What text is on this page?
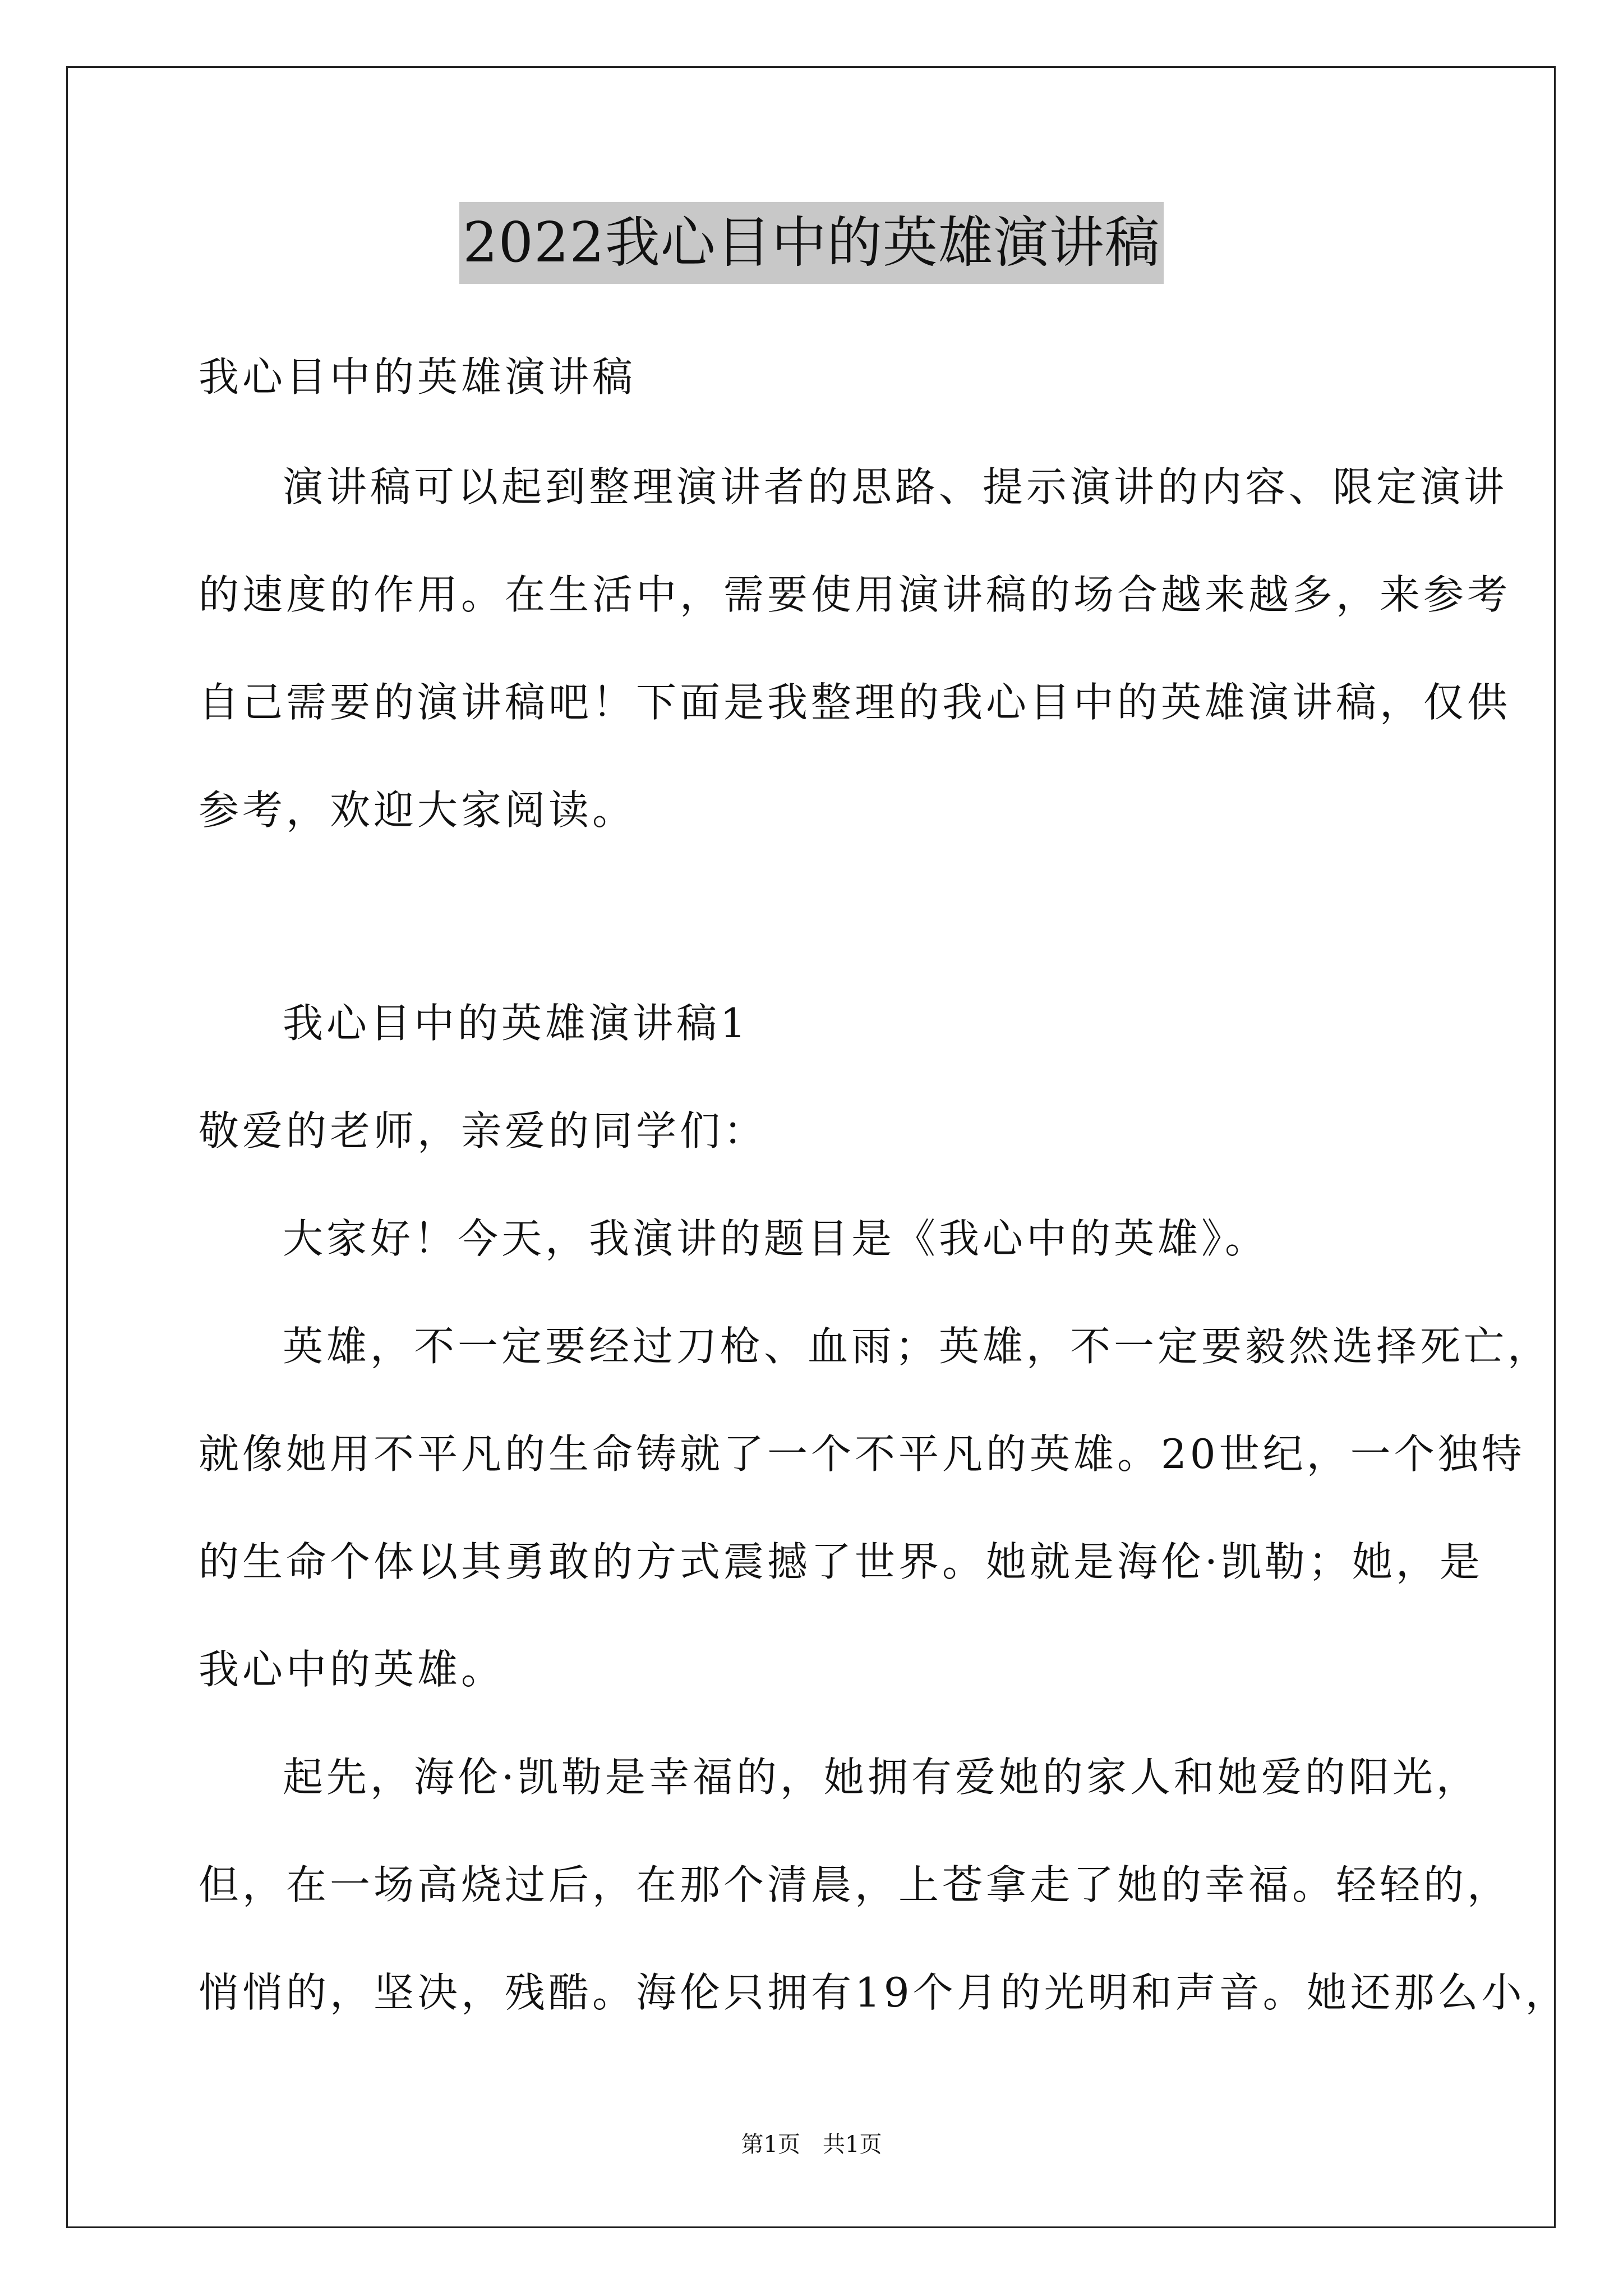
2022我心目中的英雄演讲稿
我心目中的英雄演讲稿
演讲稿可以起到整理演讲者的思路、提示演讲的内容、限定演讲
的速度的作用。在生活中，需要使用演讲稿的场合越来越多，来参考
自己需要的演讲稿吧！下面是我整理的我心目中的英雄演讲稿，仅供
参考，欢迎大家阅读。
我心目中的英雄演讲稿1
敬爱的老师，亲爱的同学们：
大家好！今天，我演讲的题目是《我心中的英雄》。
英雄，不一定要经过刀枪、血雨；英雄，不一定要毅然选择死亡，
就像她用不平凡的生命铸就了一个不平凡的英雄。20世纪，一个独特
的生命个体以其勇敢的方式震撼了世界。她就是海伦·凯勒；她，是
我心中的英雄。
起先，海伦·凯勒是幸福的，她拥有爱她的家人和她爱的阳光，
但，在一场高烧过后，在那个清晨，上苍拿走了她的幸福。轻轻的，
悄悄的，坚决，残酷。海伦只拥有19个月的光明和声音。她还那么小，
第1页 共1页
